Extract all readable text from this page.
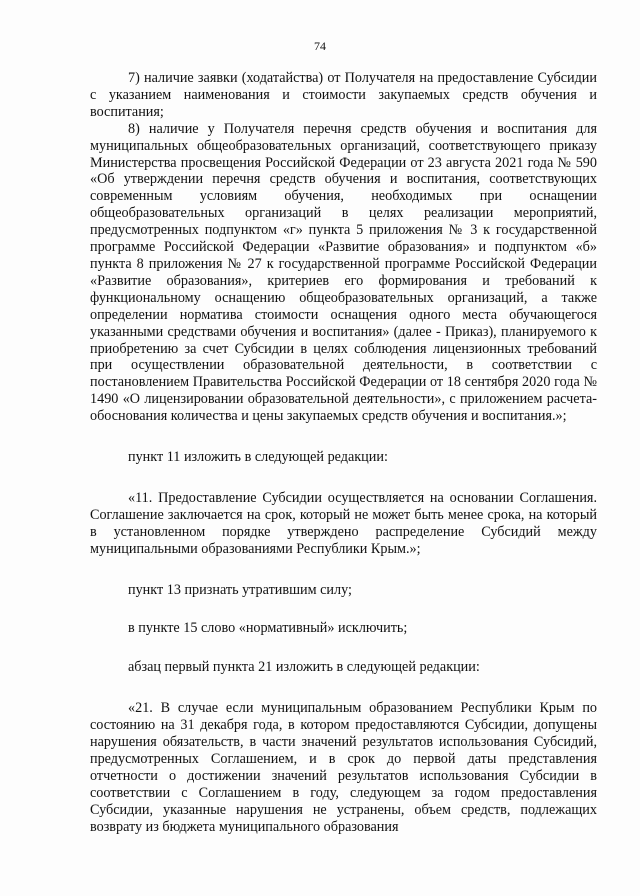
74

7) наличие заявки (ходатайства) от Получателя на предоставление Субсидии с указанием наименования и стоимости закупаемых средств обучения и воспитания;

8) наличие у Получателя перечня средств обучения и воспитания для муниципальных общеобразовательных организаций, соответствующего приказу Министерства просвещения Российской Федерации от 23 августа 2021 года № 590 «Об утверждении перечня средств обучения и воспитания, соответствующих современным условиям обучения, необходимых при оснащении общеобразовательных организаций в целях реализации мероприятий, предусмотренных подпунктом «г» пункта 5 приложения № 3 к государственной программе Российской Федерации «Развитие образования» и подпунктом «б» пункта 8 приложения № 27 к государственной программе Российской Федерации «Развитие образования», критериев его формирования и требований к функциональному оснащению общеобразовательных организаций, а также определении норматива стоимости оснащения одного места обучающегося указанными средствами обучения и воспитания» (далее - Приказ), планируемого к приобретению за счет Субсидии в целях соблюдения лицензионных требований при осуществлении образовательной деятельности, в соответствии с постановлением Правительства Российской Федерации от 18 сентября 2020 года № 1490 «О лицензировании образовательной деятельности», с приложением расчета-обоснования количества и цены закупаемых средств обучения и воспитания.»;

пункт 11 изложить в следующей редакции:

«11. Предоставление Субсидии осуществляется на основании Соглашения. Соглашение заключается на срок, который не может быть менее срока, на который в установленном порядке утверждено распределение Субсидий между муниципальными образованиями Республики Крым.»;

пункт 13 признать утратившим силу;

в пункте 15 слово «нормативный» исключить;

абзац первый пункта 21 изложить в следующей редакции:

«21. В случае если муниципальным образованием Республики Крым по состоянию на 31 декабря года, в котором предоставляются Субсидии, допущены нарушения обязательств, в части значений результатов использования Субсидий, предусмотренных Соглашением, и в срок до первой даты представления отчетности о достижении значений результатов использования Субсидии в соответствии с Соглашением в году, следующем за годом предоставления Субсидии, указанные нарушения не устранены, объем средств, подлежащих возврату из бюджета муниципального образования
